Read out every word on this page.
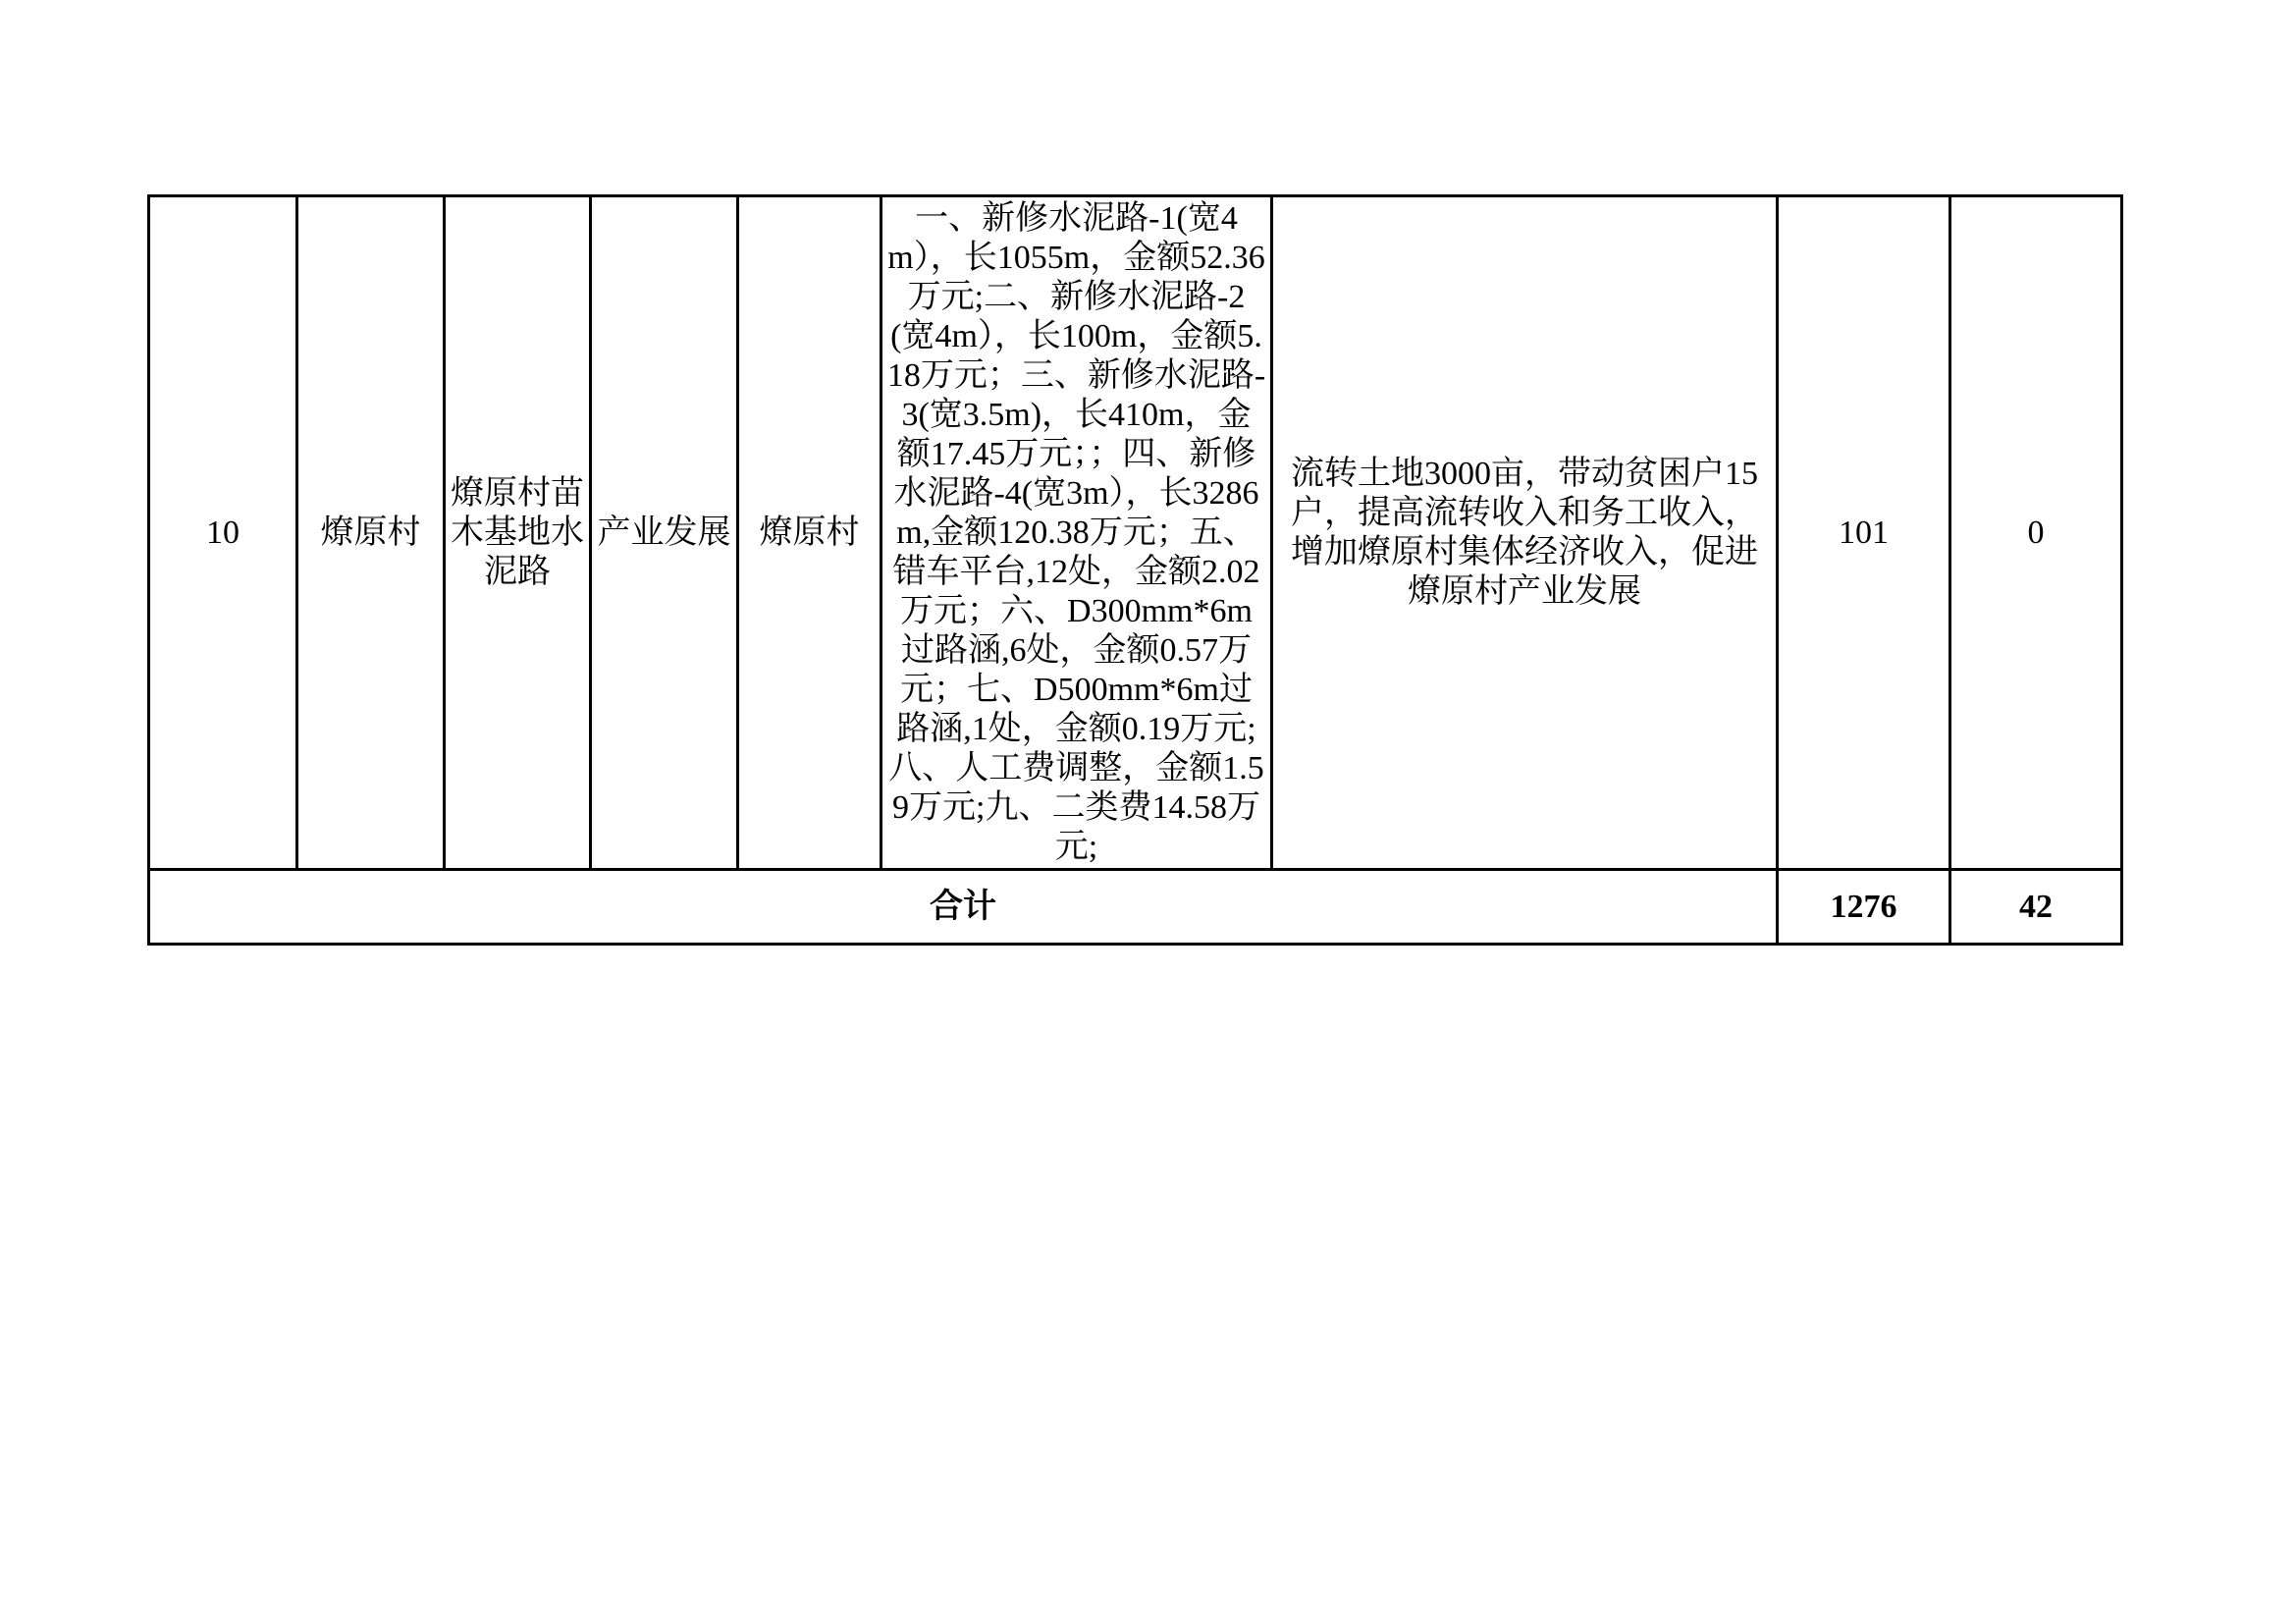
10	燎原村	燎原村苗木基地水泥路	产业发展	燎原村	一、新修水泥路-1(宽4m），长1055m，金额52.36万元;二、新修水泥路-2(宽4m），长100m，金额5.18万元；三、新修水泥路-3(宽3.5m)，长410m，金额17.45万元；；四、新修水泥路-4(宽3m），长3286m,金额120.38万元；五、错车平台,12处，金额2.02万元；六、D300mm*6m过路涵,6处，金额0.57万元；七、D500mm*6m过路涵,1处，金额0.19万元;八、人工费调整，金额1.59万元;九、二类费14.58万元;	流转土地3000亩，带动贫困户15户，提高流转收入和务工收入，增加燎原村集体经济收入，促进燎原村产业发展	101	0
合计							1276	42
